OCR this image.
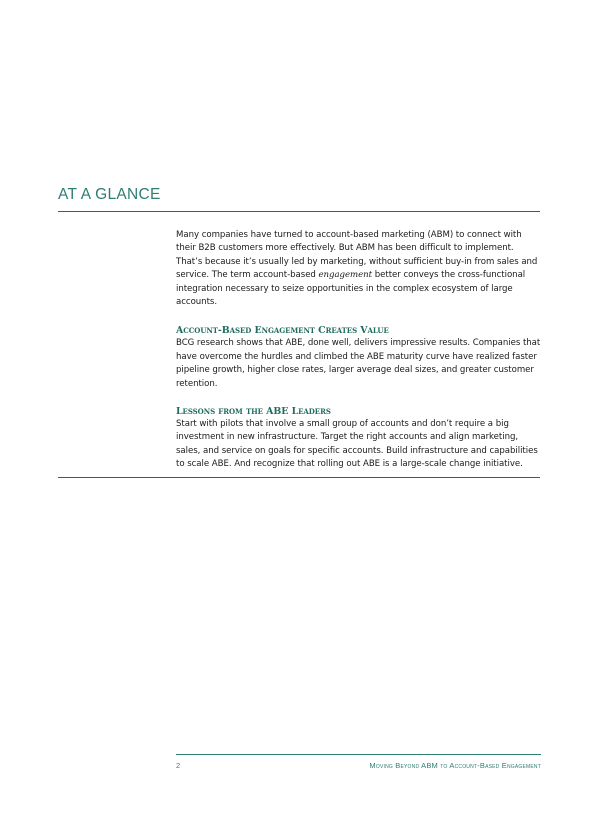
AT A GLANCE

Many companies have turned to account-based marketing (ABM) to connect with their B2B customers more effectively. But ABM has been difficult to implement. That’s because it’s usually led by marketing, without sufficient buy-in from sales and service. The term account-based engagement better conveys the cross-functional integration necessary to seize opportunities in the complex ecosystem of large accounts.

Account-Based Engagement Creates Value

BCG research shows that ABE, done well, delivers impressive results. Companies that have overcome the hurdles and climbed the ABE maturity curve have realized faster pipeline growth, higher close rates, larger average deal sizes, and greater customer retention.

Lessons from the ABE Leaders

Start with pilots that involve a small group of accounts and don’t require a big investment in new infrastructure. Target the right accounts and align marketing, sales, and service on goals for specific accounts. Build infrastructure and capabilities to scale ABE. And recognize that rolling out ABE is a large-scale change initiative.

2	Moving Beyond ABM to Account-Based Engagement
